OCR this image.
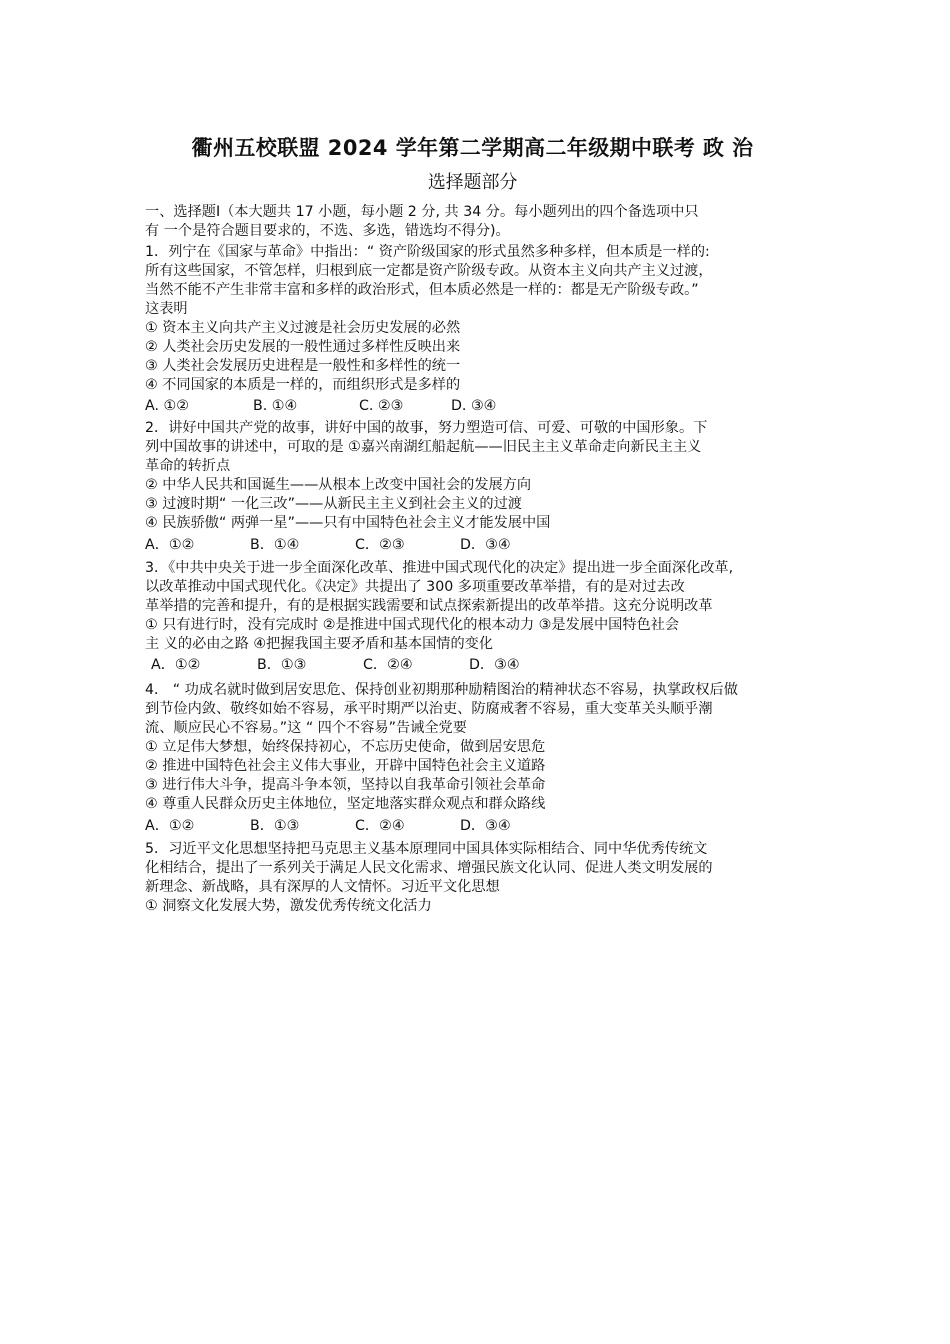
衢州五校联盟 2024 学年第二学期高二年级期中联考 政 治
选择题部分
一、选择题Ⅰ（本大题共 17 小题，每小题 2 分, 共 34 分。每小题列出的四个备选项中只
有 一个是符合题目要求的，不选、多选，错选均不得分)。
1．列宁在《国家与革命》中指出：“ 资产阶级国家的形式虽然多种多样，但本质是一样的:
所有这些国家，不管怎样，归根到底一定都是资产阶级专政。从资本主义向共产主义过渡，
当然不能不产生非常丰富和多样的政治形式，但本质必然是一样的：都是无产阶级专政。”
这表明
① 资本主义向共产主义过渡是社会历史发展的必然
② 人类社会历史发展的一般性通过多样性反映出来
③ 人类社会发展历史进程是一般性和多样性的统一
④ 不同国家的本质是一样的，而组织形式是多样的
A. ①②	B. ①④	C. ②③	D. ③④
2．讲好中国共产党的故事，讲好中国的故事，努力塑造可信、可爱、可敬的中国形象。下
列中国故事的讲述中，可取的是 ①嘉兴南湖红船起航——旧民主主义革命走向新民主主义
革命的转折点
② 中华人民共和国诞生——从根本上改变中国社会的发展方向
③ 过渡时期“ 一化三改”——从新民主主义到社会主义的过渡
④ 民族骄傲“ 两弹一星”——只有中国特色社会主义才能发展中国
A．①②	B．①④	C．②③	D．③④
3．《中共中央关于进一步全面深化改革、推进中国式现代化的决定》提出进一步全面深化改革,
以改革推动中国式现代化。《决定》共提出了 300 多项重要改革举措，有的是对过去改
革举措的完善和提升，有的是根据实践需要和试点探索新提出的改革举措。这充分说明改革
① 只有进行时，没有完成时 ②是推进中国式现代化的根本动力 ③是发展中国特色社会
主 义的必由之路 ④把握我国主要矛盾和基本国情的变化
A．①②	B．①③	C．②④	D．③④
4． “ 功成名就时做到居安思危、保持创业初期那种励精图治的精神状态不容易，执掌政权后做
到节俭内敛、敬终如始不容易，承平时期严以治吏、防腐戒奢不容易，重大变革关头顺乎潮
流、顺应民心不容易。”这 “ 四个不容易”告诫全党要
① 立足伟大梦想，始终保持初心，不忘历史使命，做到居安思危
② 推进中国特色社会主义伟大事业，开辟中国特色社会主义道路
③ 进行伟大斗争，提高斗争本领，坚持以自我革命引领社会革命
④ 尊重人民群众历史主体地位，坚定地落实群众观点和群众路线
A．①②	B．①③	C．②④	D．③④
5．习近平文化思想坚持把马克思主义基本原理同中国具体实际相结合、同中华优秀传统文
化相结合，提出了一系列关于满足人民文化需求、增强民族文化认同、促进人类文明发展的
新理念、新战略，具有深厚的人文情怀。习近平文化思想
① 洞察文化发展大势，激发优秀传统文化活力
